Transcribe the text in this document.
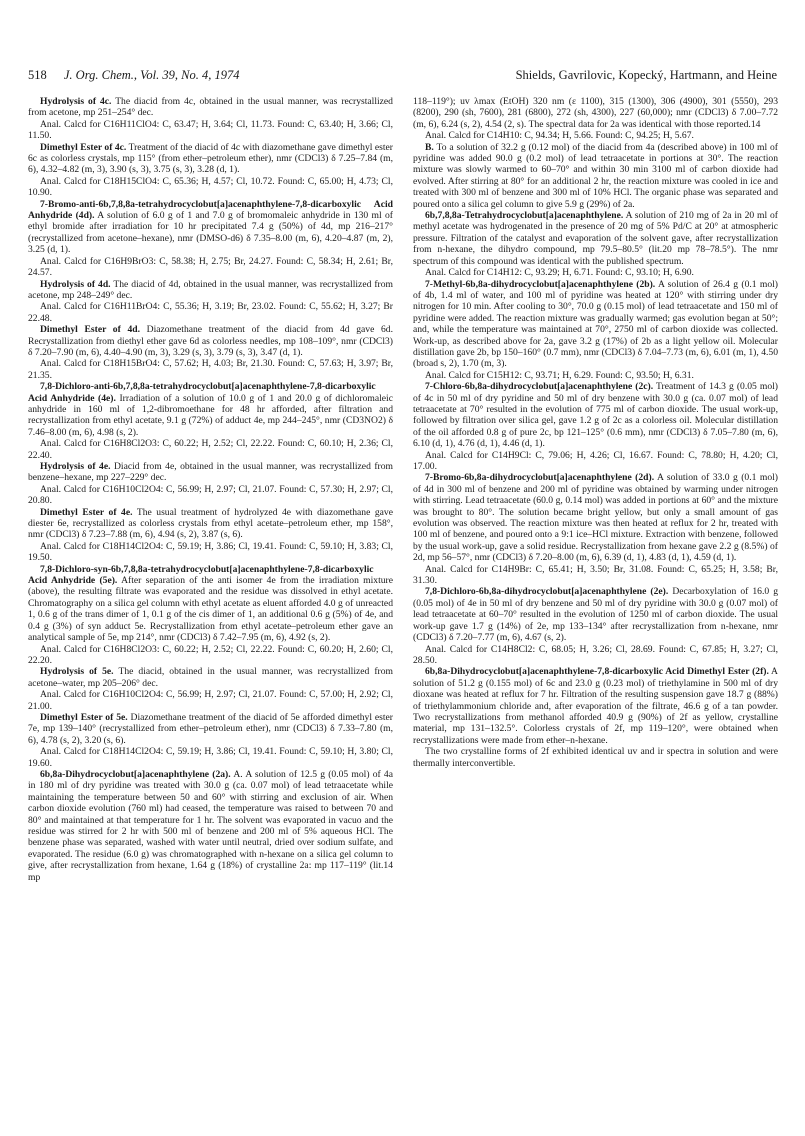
518 J. Org. Chem., Vol. 39, No. 4, 1974	Shields, Gavrilovic, Kopecký, Hartmann, and Heine

Hydrolysis of 4c. The diacid from 4c, obtained in the usual manner, was recrystallized from acetone, mp 251–254° dec.

Anal. Calcd for C16H11ClO4: C, 63.47; H, 3.64; Cl, 11.73. Found: C, 63.40; H, 3.66; Cl, 11.50.

Dimethyl Ester of 4c. Treatment of the diacid of 4c with diazomethane gave dimethyl ester 6c as colorless crystals, mp 115° (from ether–petroleum ether), nmr (CDCl3) δ 7.25–7.84 (m, 6), 4.32–4.82 (m, 3), 3.90 (s, 3), 3.75 (s, 3), 3.28 (d, 1).

Anal. Calcd for C18H15ClO4: C, 65.36; H, 4.57; Cl, 10.72. Found: C, 65.00; H, 4.73; Cl, 10.90.

7-Bromo-anti-6b,7,8,8a-tetrahydrocyclobut[a]acenaphthylene-7,8-dicarboxylic Acid Anhydride (4d). A solution of 6.0 g of 1 and 7.0 g of bromomaleic anhydride in 130 ml of ethyl bromide after irradiation for 10 hr precipitated 7.4 g (50%) of 4d, mp 216–217° (recrystallized from acetone–hexane), nmr (DMSO-d6) δ 7.35–8.00 (m, 6), 4.20–4.87 (m, 2), 3.25 (d, 1).

Anal. Calcd for C16H9BrO3: C, 58.38; H, 2.75; Br, 24.27. Found: C, 58.34; H, 2.61; Br, 24.57.

Hydrolysis of 4d. The diacid of 4d, obtained in the usual manner, was recrystallized from acetone, mp 248–249° dec.

Anal. Calcd for C16H11BrO4: C, 55.36; H, 3.19; Br, 23.02. Found: C, 55.62; H, 3.27; Br 22.48.

Dimethyl Ester of 4d. Diazomethane treatment of the diacid from 4d gave 6d. Recrystallization from diethyl ether gave 6d as colorless needles, mp 108–109°, nmr (CDCl3) δ 7.20–7.90 (m, 6), 4.40–4.90 (m, 3), 3.29 (s, 3), 3.79 (s, 3), 3.47 (d, 1).

Anal. Calcd for C18H15BrO4: C, 57.62; H, 4.03; Br, 21.30. Found: C, 57.63; H, 3.97; Br, 21.35.

7,8-Dichloro-anti-6b,7,8,8a-tetrahydrocyclobut[a]acenaphthylene-7,8-dicarboxylic Acid Anhydride (4e). Irradiation of a solution of 10.0 g of 1 and 20.0 g of dichloromaleic anhydride in 160 ml of 1,2-dibromoethane for 48 hr afforded, after filtration and recrystallization from ethyl acetate, 9.1 g (72%) of adduct 4e, mp 244–245°, nmr (CD3NO2) δ 7.46–8.00 (m, 6), 4.98 (s, 2).

Anal. Calcd for C16H8Cl2O3: C, 60.22; H, 2.52; Cl, 22.22. Found: C, 60.10; H, 2.36; Cl, 22.40.

Hydrolysis of 4e. Diacid from 4e, obtained in the usual manner, was recrystallized from benzene–hexane, mp 227–229° dec.

Anal. Calcd for C16H10Cl2O4: C, 56.99; H, 2.97; Cl, 21.07. Found: C, 57.30; H, 2.97; Cl, 20.80.

Dimethyl Ester of 4e. The usual treatment of hydrolyzed 4e with diazomethane gave diester 6e, recrystallized as colorless crystals from ethyl acetate–petroleum ether, mp 158°, nmr (CDCl3) δ 7.23–7.88 (m, 6), 4.94 (s, 2), 3.87 (s, 6).

Anal. Calcd for C18H14Cl2O4: C, 59.19; H, 3.86; Cl, 19.41. Found: C, 59.10; H, 3.83; Cl, 19.50.

7,8-Dichloro-syn-6b,7,8,8a-tetrahydrocyclobut[a]acenaphthylene-7,8-dicarboxylic Acid Anhydride (5e). After separation of the anti isomer 4e from the irradiation mixture (above), the resulting filtrate was evaporated and the residue was dissolved in ethyl acetate. Chromatography on a silica gel column with ethyl acetate as eluent afforded 4.0 g of unreacted 1, 0.6 g of the trans dimer of 1, 0.1 g of the cis dimer of 1, an additional 0.6 g (5%) of 4e, and 0.4 g (3%) of syn adduct 5e. Recrystallization from ethyl acetate–petroleum ether gave an analytical sample of 5e, mp 214°, nmr (CDCl3) δ 7.42–7.95 (m, 6), 4.92 (s, 2).

Anal. Calcd for C16H8Cl2O3: C, 60.22; H, 2.52; Cl, 22.22. Found: C, 60.20; H, 2.60; Cl, 22.20.

Hydrolysis of 5e. The diacid, obtained in the usual manner, was recrystallized from acetone–water, mp 205–206° dec.

Anal. Calcd for C16H10Cl2O4: C, 56.99; H, 2.97; Cl, 21.07. Found: C, 57.00; H, 2.92; Cl, 21.00.

Dimethyl Ester of 5e. Diazomethane treatment of the diacid of 5e afforded dimethyl ester 7e, mp 139–140° (recrystallized from ether–petroleum ether), nmr (CDCl3) δ 7.33–7.80 (m, 6), 4.78 (s, 2), 3.20 (s, 6).

Anal. Calcd for C18H14Cl2O4: C, 59.19; H, 3.86; Cl, 19.41. Found: C, 59.10; H, 3.80; Cl, 19.60.

6b,8a-Dihydrocyclobut[a]acenaphthylene (2a). A. A solution of 12.5 g (0.05 mol) of 4a in 180 ml of dry pyridine was treated with 30.0 g (ca. 0.07 mol) of lead tetraacetate while maintaining the temperature between 50 and 60° with stirring and exclusion of air. When carbon dioxide evolution (760 ml) had ceased, the temperature was raised to between 70 and 80° and maintained at that temperature for 1 hr. The solvent was evaporated in vacuo and the residue was stirred for 2 hr with 500 ml of benzene and 200 ml of 5% aqueous HCl. The benzene phase was separated, washed with water until neutral, dried over sodium sulfate, and evaporated. The residue (6.0 g) was chromatographed with n-hexane on a silica gel column to give, after recrystallization from hexane, 1.64 g (18%) of crystalline 2a: mp 117–119° (lit.14 mp

118–119°); uv λmax (EtOH) 320 nm (ε 1100), 315 (1300), 306 (4900), 301 (5550), 293 (8200), 290 (sh, 7600), 281 (6800), 272 (sh, 4300), 227 (60,000); nmr (CDCl3) δ 7.00–7.72 (m, 6), 6.24 (s, 2), 4.54 (2, s). The spectral data for 2a was identical with those reported.14

Anal. Calcd for C14H10: C, 94.34; H, 5.66. Found: C, 94.25; H, 5.67.

B. To a solution of 32.2 g (0.12 mol) of the diacid from 4a (described above) in 100 ml of pyridine was added 90.0 g (0.2 mol) of lead tetraacetate in portions at 30°. The reaction mixture was slowly warmed to 60–70° and within 30 min 3100 ml of carbon dioxide had evolved. After stirring at 80° for an additional 2 hr, the reaction mixture was cooled in ice and treated with 300 ml of benzene and 300 ml of 10% HCl. The organic phase was separated and poured onto a silica gel column to give 5.9 g (29%) of 2a.

6b,7,8,8a-Tetrahydrocyclobut[a]acenaphthylene. A solution of 210 mg of 2a in 20 ml of methyl acetate was hydrogenated in the presence of 20 mg of 5% Pd/C at 20° at atmospheric pressure. Filtration of the catalyst and evaporation of the solvent gave, after recrystallization from n-hexane, the dihydro compound, mp 79.5–80.5° (lit.20 mp 78–78.5°). The nmr spectrum of this compound was identical with the published spectrum.

Anal. Calcd for C14H12: C, 93.29; H, 6.71. Found: C, 93.10; H, 6.90.

7-Methyl-6b,8a-dihydrocyclobut[a]acenaphthylene (2b). A solution of 26.4 g (0.1 mol) of 4b, 1.4 ml of water, and 100 ml of pyridine was heated at 120° with stirring under dry nitrogen for 10 min. After cooling to 30°, 70.0 g (0.15 mol) of lead tetraacetate and 150 ml of pyridine were added. The reaction mixture was gradually warmed; gas evolution began at 50°; and, while the temperature was maintained at 70°, 2750 ml of carbon dioxide was collected. Work-up, as described above for 2a, gave 3.2 g (17%) of 2b as a light yellow oil. Molecular distillation gave 2b, bp 150–160° (0.7 mm), nmr (CDCl3) δ 7.04–7.73 (m, 6), 6.01 (m, 1), 4.50 (broad s, 2), 1.70 (m, 3).

Anal. Calcd for C15H12: C, 93.71; H, 6.29. Found: C, 93.50; H, 6.31.

7-Chloro-6b,8a-dihydrocyclobut[a]acenaphthylene (2c). Treatment of 14.3 g (0.05 mol) of 4c in 50 ml of dry pyridine and 50 ml of dry benzene with 30.0 g (ca. 0.07 mol) of lead tetraacetate at 70° resulted in the evolution of 775 ml of carbon dioxide. The usual work-up, followed by filtration over silica gel, gave 1.2 g of 2c as a colorless oil. Molecular distillation of the oil afforded 0.8 g of pure 2c, bp 121–125° (0.6 mm), nmr (CDCl3) δ 7.05–7.80 (m, 6), 6.10 (d, 1), 4.76 (d, 1), 4.46 (d, 1).

Anal. Calcd for C14H9Cl: C, 79.06; H, 4.26; Cl, 16.67. Found: C, 78.80; H, 4.20; Cl, 17.00.

7-Bromo-6b,8a-dihydrocyclobut[a]acenaphthylene (2d). A solution of 33.0 g (0.1 mol) of 4d in 300 ml of benzene and 200 ml of pyridine was obtained by warming under nitrogen with stirring. Lead tetraacetate (60.0 g, 0.14 mol) was added in portions at 60° and the mixture was brought to 80°. The solution became bright yellow, but only a small amount of gas evolution was observed. The reaction mixture was then heated at reflux for 2 hr, treated with 100 ml of benzene, and poured onto a 9:1 ice–HCl mixture. Extraction with benzene, followed by the usual work-up, gave a solid residue. Recrystallization from hexane gave 2.2 g (8.5%) of 2d, mp 56–57°, nmr (CDCl3) δ 7.20–8.00 (m, 6), 6.39 (d, 1), 4.83 (d, 1), 4.59 (d, 1).

Anal. Calcd for C14H9Br: C, 65.41; H, 3.50; Br, 31.08. Found: C, 65.25; H, 3.58; Br, 31.30.

7,8-Dichloro-6b,8a-dihydrocyclobut[a]acenaphthylene (2e). Decarboxylation of 16.0 g (0.05 mol) of 4e in 50 ml of dry benzene and 50 ml of dry pyridine with 30.0 g (0.07 mol) of lead tetraacetate at 60–70° resulted in the evolution of 1250 ml of carbon dioxide. The usual work-up gave 1.7 g (14%) of 2e, mp 133–134° after recrystallization from n-hexane, nmr (CDCl3) δ 7.20–7.77 (m, 6), 4.67 (s, 2).

Anal. Calcd for C14H8Cl2: C, 68.05; H, 3.26; Cl, 28.69. Found: C, 67.85; H, 3.27; Cl, 28.50.

6b,8a-Dihydrocyclobut[a]acenaphthylene-7,8-dicarboxylic Acid Dimethyl Ester (2f). A solution of 51.2 g (0.155 mol) of 6c and 23.0 g (0.23 mol) of triethylamine in 500 ml of dry dioxane was heated at reflux for 7 hr. Filtration of the resulting suspension gave 18.7 g (88%) of triethylammonium chloride and, after evaporation of the filtrate, 46.6 g of a tan powder. Two recrystallizations from methanol afforded 40.9 g (90%) of 2f as yellow, crystalline material, mp 131–132.5°. Colorless crystals of 2f, mp 119–120°, were obtained when recrystallizations were made from ether–n-hexane.

The two crystalline forms of 2f exhibited identical uv and ir spectra in solution and were thermally interconvertible.
